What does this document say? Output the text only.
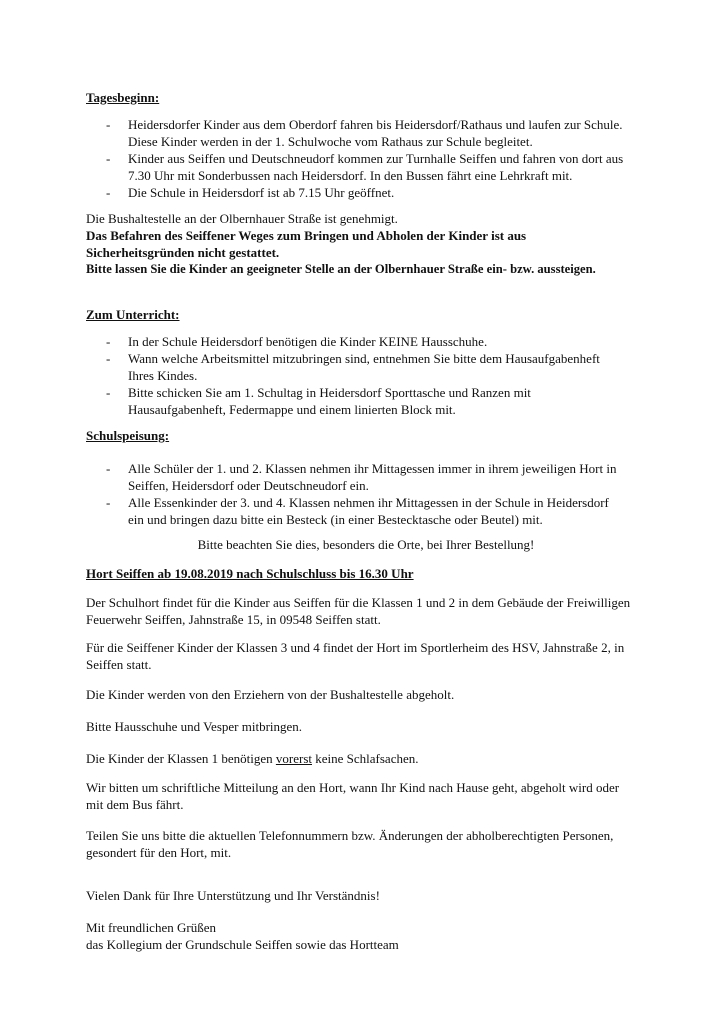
Tagesbeginn:
- Heidersdorfer Kinder aus dem Oberdorf fahren bis Heidersdorf/Rathaus und laufen zur Schule. Diese Kinder werden in der 1. Schulwoche vom Rathaus zur Schule begleitet.
- Kinder aus Seiffen und Deutschneudorf kommen zur Turnhalle Seiffen und fahren von dort aus 7.30 Uhr mit Sonderbussen nach Heidersdorf. In den Bussen fährt eine Lehrkraft mit.
- Die Schule in Heidersdorf ist ab 7.15 Uhr geöffnet.
Die Bushaltestelle an der Olbernhauer Straße ist genehmigt.
Das Befahren des Seiffener Weges zum Bringen und Abholen der Kinder ist aus Sicherheitsgründen nicht gestattet.
Bitte lassen Sie die Kinder an geeigneter Stelle an der Olbernhauer Straße ein- bzw. aussteigen.
Zum Unterricht:
- In der Schule Heidersdorf benötigen die Kinder KEINE Hausschuhe.
- Wann welche Arbeitsmittel mitzubringen sind, entnehmen Sie bitte dem Hausaufgabenheft Ihres Kindes.
- Bitte schicken Sie am 1. Schultag in Heidersdorf Sporttasche und Ranzen mit Hausaufgabenheft, Federmappe und einem linierten Block mit.
Schulspeisung:
- Alle Schüler der 1. und 2. Klassen nehmen ihr Mittagessen immer in ihrem jeweiligen Hort in Seiffen, Heidersdorf oder Deutschneudorf ein.
- Alle Essenkinder der 3. und 4. Klassen nehmen ihr Mittagessen in der Schule in Heidersdorf ein und bringen dazu bitte ein Besteck (in einer Bestecktasche oder Beutel) mit.
Bitte beachten Sie dies, besonders die Orte, bei Ihrer Bestellung!
Hort Seiffen ab 19.08.2019 nach Schulschluss bis 16.30 Uhr
Der Schulhort findet für die Kinder aus Seiffen für die Klassen 1 und 2 in dem Gebäude der Freiwilligen Feuerwehr Seiffen, Jahnstraße 15, in 09548 Seiffen statt.
Für die Seiffener Kinder der Klassen 3 und 4 findet der Hort im Sportlerheim des HSV, Jahnstraße 2, in Seiffen statt.
Die Kinder werden von den Erziehern von der Bushaltestelle abgeholt.
Bitte Hausschuhe und Vesper mitbringen.
Die Kinder der Klassen 1 benötigen vorerst keine Schlafsachen.
Wir bitten um schriftliche Mitteilung an den Hort, wann Ihr Kind nach Hause geht, abgeholt wird oder mit dem Bus fährt.
Teilen Sie uns bitte die aktuellen Telefonnummern bzw. Änderungen der abholberechtigten Personen, gesondert für den Hort, mit.
Vielen Dank für Ihre Unterstützung und Ihr Verständnis!
Mit freundlichen Grüßen
das Kollegium der Grundschule Seiffen sowie das Hortteam
